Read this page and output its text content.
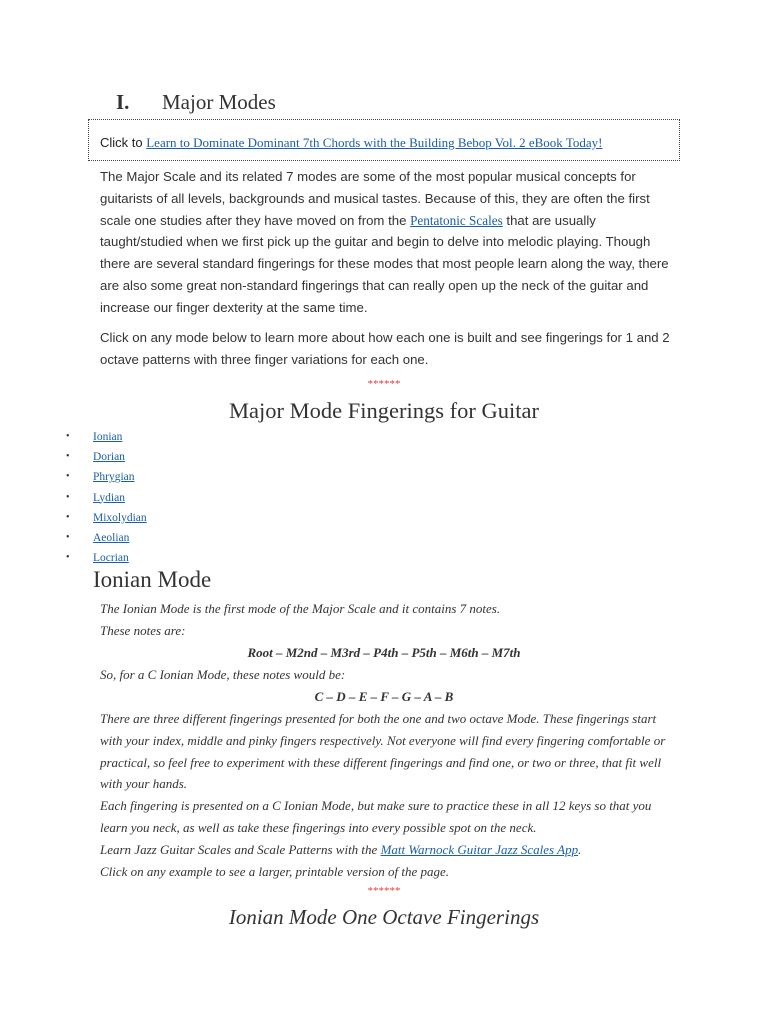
I. Major Modes
Click to Learn to Dominate Dominant 7th Chords with the Building Bebop Vol. 2 eBook Today!

The Major Scale and its related 7 modes are some of the most popular musical concepts for guitarists of all levels, backgrounds and musical tastes. Because of this, they are often the first scale one studies after they have moved on from the Pentatonic Scales that are usually taught/studied when we first pick up the guitar and begin to delve into melodic playing. Though there are several standard fingerings for these modes that most people learn along the way, there are also some great non-standard fingerings that can really open up the neck of the guitar and increase our finger dexterity at the same time.

Click on any mode below to learn more about how each one is built and see fingerings for 1 and 2 octave patterns with three finger variations for each one.

******
Major Mode Fingerings for Guitar
• Ionian
• Dorian
• Phrygian
• Lydian
• Mixolydian
• Aeolian
• Locrian
Ionian Mode
The Ionian Mode is the first mode of the Major Scale and it contains 7 notes.
These notes are:
Root – M2nd – M3rd – P4th – P5th – M6th – M7th
So, for a C Ionian Mode, these notes would be:
C – D – E – F – G – A – B
There are three different fingerings presented for both the one and two octave Mode. These fingerings start with your index, middle and pinky fingers respectively. Not everyone will find every fingering comfortable or practical, so feel free to experiment with these different fingerings and find one, or two or three, that fit well with your hands.
Each fingering is presented on a C Ionian Mode, but make sure to practice these in all 12 keys so that you learn you neck, as well as take these fingerings into every possible spot on the neck.
Learn Jazz Guitar Scales and Scale Patterns with the Matt Warnock Guitar Jazz Scales App.
Click on any example to see a larger, printable version of the page.
******
Ionian Mode One Octave Fingerings
